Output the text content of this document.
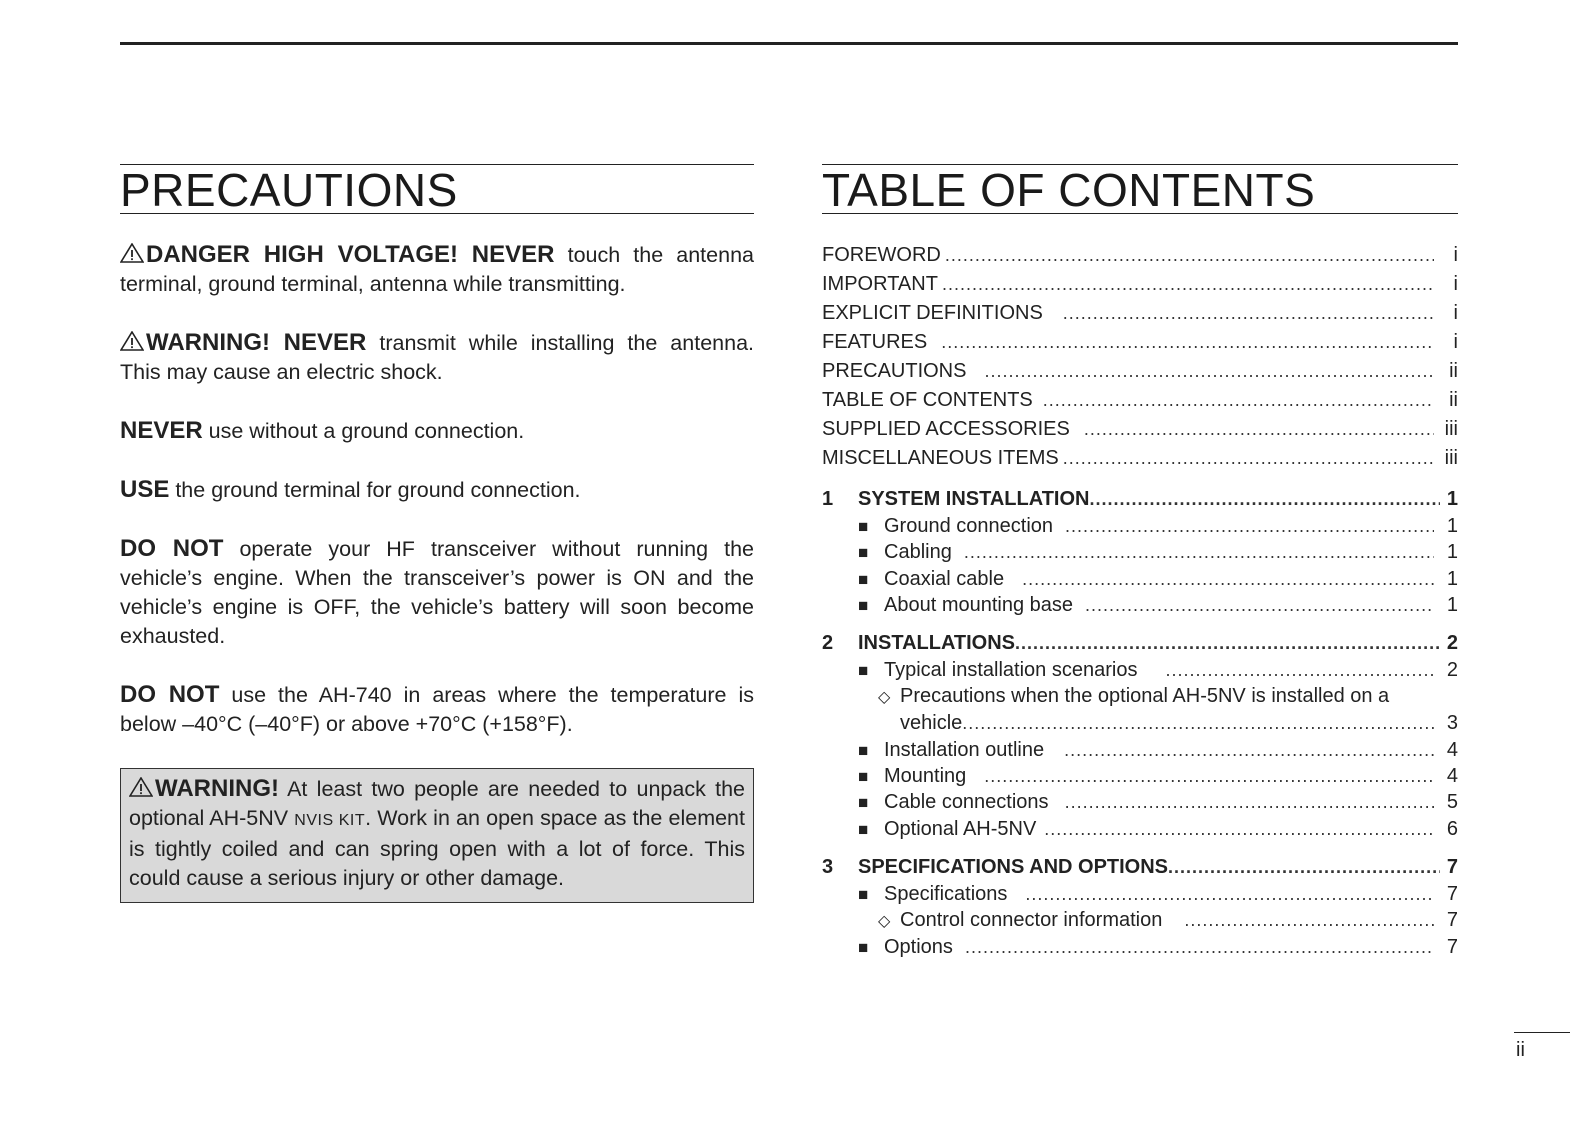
PRECAUTIONS

DANGER HIGH VOLTAGE! NEVER touch the antenna terminal, ground terminal, antenna while transmitting.

WARNING! NEVER transmit while installing the antenna. This may cause an electric shock.

NEVER use without a ground connection.

USE the ground terminal for ground connection.

DO NOT operate your HF transceiver without running the vehicle’s engine. When the transceiver’s power is ON and the vehicle’s engine is OFF, the vehicle’s battery will soon become exhausted.

DO NOT use the AH-740 in areas where the temperature is below –40°C (–40°F) or above +70°C (+158°F).

WARNING! At least two people are needed to unpack the optional AH-5NV NVIS KIT. Work in an open space as the element is tightly coiled and can spring open with a lot of force. This could cause a serious injury or other damage.

TABLE OF CONTENTS
FOREWORD .....	i
IMPORTANT .....	i
EXPLICIT DEFINITIONS .....	i
FEATURES .....	i
PRECAUTIONS .....	ii
TABLE OF CONTENTS .....	ii
SUPPLIED ACCESSORIES .....	iii
MISCELLANEOUS ITEMS .....	iii
1	SYSTEM INSTALLATION .....	1
■ Ground connection .....	1
■ Cabling .....	1
■ Coaxial cable .....	1
■ About mounting base .....	1
2	INSTALLATIONS .....	2
■ Typical installation scenarios .....	2
◇ Precautions when the optional AH-5NV is installed on a
vehicle .....	3
■ Installation outline .....	4
■ Mounting .....	4
■ Cable connections .....	5
■ Optional AH-5NV .....	6
3	SPECIFICATIONS AND OPTIONS .....	7
■ Specifications .....	7
◇ Control connector information .....	7
■ Options .....	7
ii
